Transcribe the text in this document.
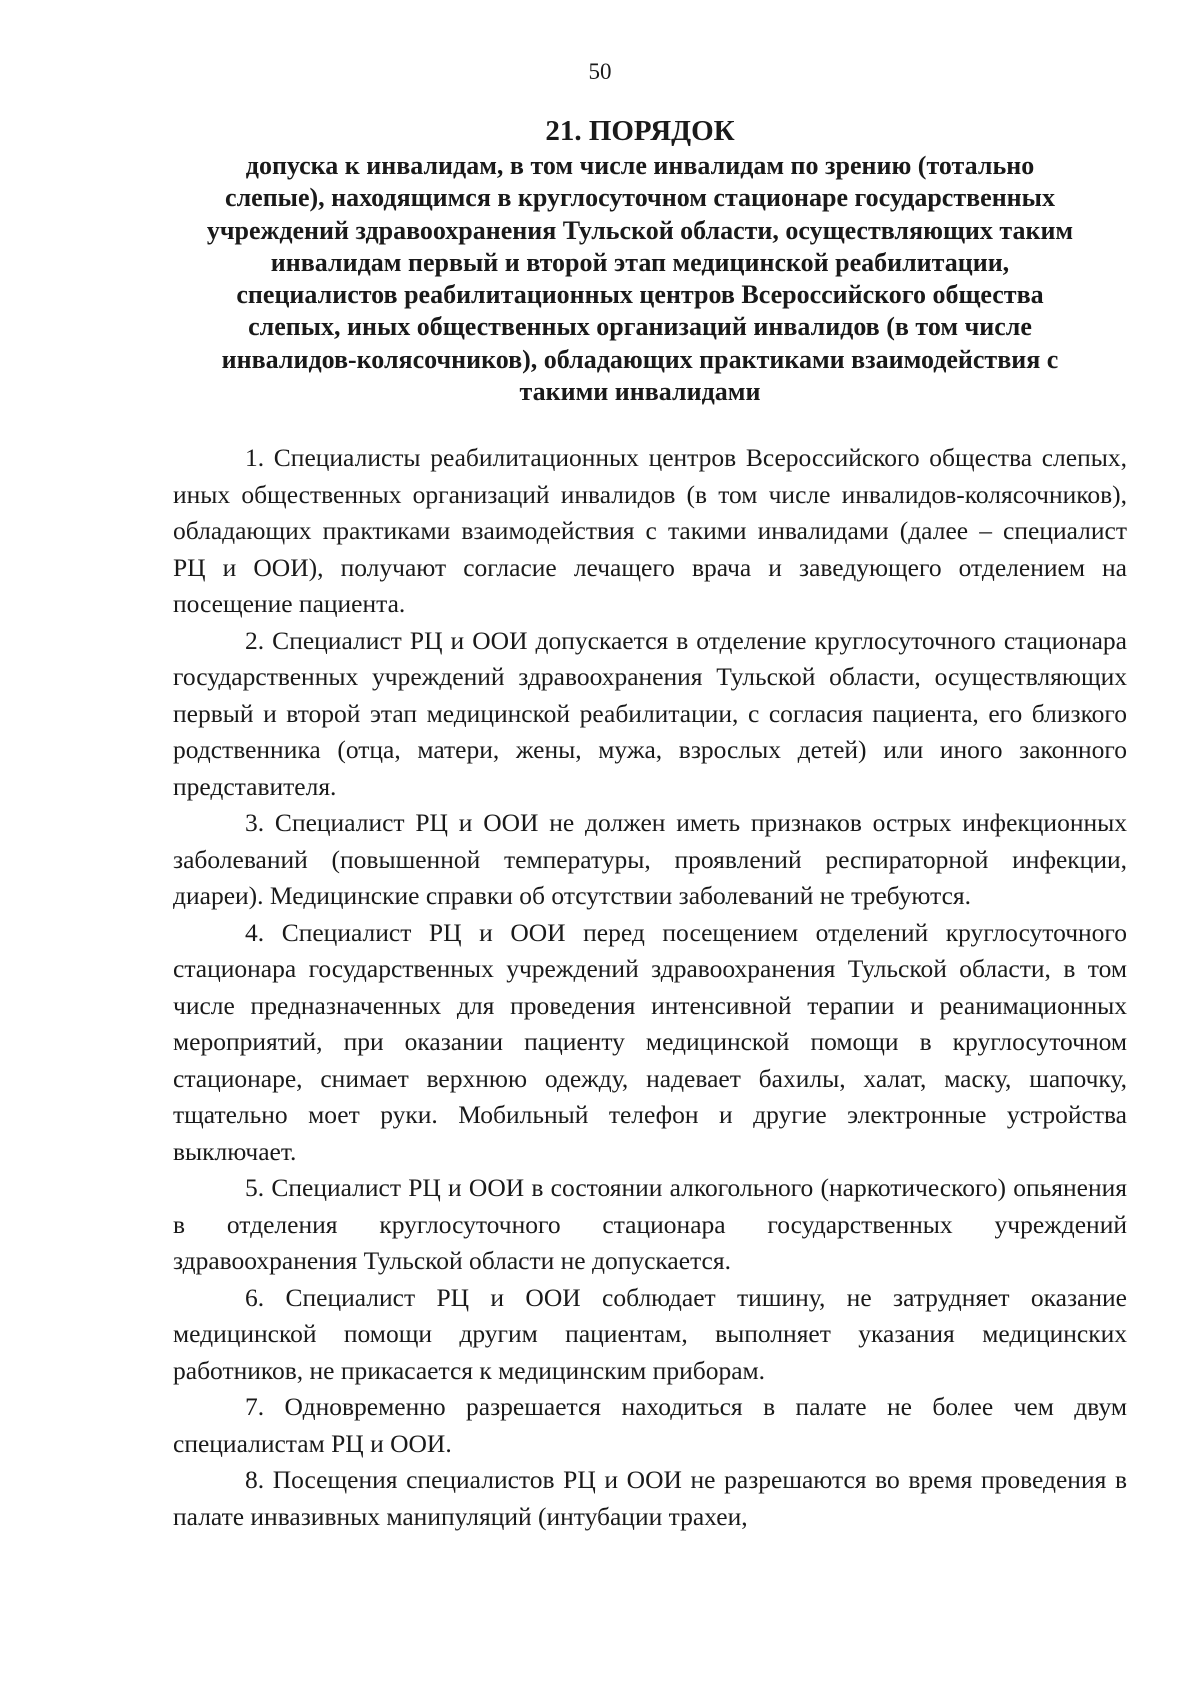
50
21. ПОРЯДОК
допуска к инвалидам, в том числе инвалидам по зрению (тотально слепые), находящимся в круглосуточном стационаре государственных учреждений здравоохранения Тульской области, осуществляющих таким инвалидам первый и второй этап медицинской реабилитации, специалистов реабилитационных центров Всероссийского общества слепых, иных общественных организаций инвалидов (в том числе инвалидов-колясочников), обладающих практиками взаимодействия с такими инвалидами

1. Специалисты реабилитационных центров Всероссийского общества слепых, иных общественных организаций инвалидов (в том числе инвалидов-колясочников), обладающих практиками взаимодействия с такими инвалидами (далее – специалист РЦ и ООИ), получают согласие лечащего врача и заведующего отделением на посещение пациента.

2. Специалист РЦ и ООИ допускается в отделение круглосуточного стационара государственных учреждений здравоохранения Тульской области, осуществляющих первый и второй этап медицинской реабилитации, с согласия пациента, его близкого родственника (отца, матери, жены, мужа, взрослых детей) или иного законного представителя.

3. Специалист РЦ и ООИ не должен иметь признаков острых инфекционных заболеваний (повышенной температуры, проявлений респираторной инфекции, диареи). Медицинские справки об отсутствии заболеваний не требуются.

4. Специалист РЦ и ООИ перед посещением отделений круглосуточного стационара государственных учреждений здравоохранения Тульской области, в том числе предназначенных для проведения интенсивной терапии и реанимационных мероприятий, при оказании пациенту медицинской помощи в круглосуточном стационаре, снимает верхнюю одежду, надевает бахилы, халат, маску, шапочку, тщательно моет руки. Мобильный телефон и другие электронные устройства выключает.

5. Специалист РЦ и ООИ в состоянии алкогольного (наркотического) опьянения в отделения круглосуточного стационара государственных учреждений здравоохранения Тульской области не допускается.

6. Специалист РЦ и ООИ соблюдает тишину, не затрудняет оказание медицинской помощи другим пациентам, выполняет указания медицинских работников, не прикасается к медицинским приборам.

7. Одновременно разрешается находиться в палате не более чем двум специалистам РЦ и ООИ.

8. Посещения специалистов РЦ и ООИ не разрешаются во время проведения в палате инвазивных манипуляций (интубации трахеи,
